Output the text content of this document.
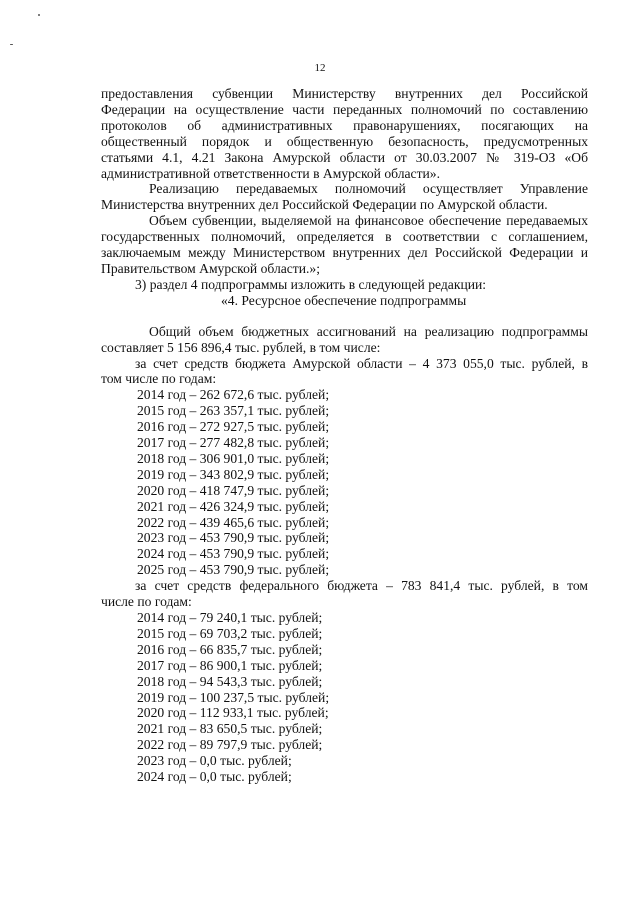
12

предоставления субвенции Министерству внутренних дел Российской

Федерации на осуществление части переданных полномочий по составлению

протоколов об административных правонарушениях, посягающих на

общественный порядок и общественную безопасность, предусмотренных

статьями 4.1, 4.21 Закона Амурской области от 30.03.2007 № 319-ОЗ «Об

административной ответственности в Амурской области».

Реализацию передаваемых полномочий осуществляет Управление

Министерства внутренних дел Российской Федерации по Амурской области.

Объем субвенции, выделяемой на финансовое обеспечение передаваемых

государственных полномочий, определяется в соответствии с соглашением,

заключаемым между Министерством внутренних дел Российской Федерации и

Правительством Амурской области.»;

3) раздел 4 подпрограммы изложить в следующей редакции:

«4. Ресурсное обеспечение подпрограммы

Общий объем бюджетных ассигнований на реализацию подпрограммы

составляет 5 156 896,4 тыс. рублей, в том числе:

за счет средств бюджета Амурской области – 4 373 055,0 тыс. рублей, в

том числе по годам:

2014 год – 262 672,6 тыс. рублей;

2015 год – 263 357,1 тыс. рублей;

2016 год – 272 927,5 тыс. рублей;

2017 год – 277 482,8 тыс. рублей;

2018 год – 306 901,0 тыс. рублей;

2019 год – 343 802,9 тыс. рублей;

2020 год – 418 747,9 тыс. рублей;

2021 год – 426 324,9 тыс. рублей;

2022 год – 439 465,6 тыс. рублей;

2023 год – 453 790,9 тыс. рублей;

2024 год – 453 790,9 тыс. рублей;

2025 год – 453 790,9 тыс. рублей;

за счет средств федерального бюджета – 783 841,4 тыс. рублей, в том

числе по годам:

2014 год – 79 240,1 тыс. рублей;

2015 год – 69 703,2 тыс. рублей;

2016 год – 66 835,7 тыс. рублей;

2017 год – 86 900,1 тыс. рублей;

2018 год – 94 543,3 тыс. рублей;

2019 год – 100 237,5 тыс. рублей;

2020 год – 112 933,1 тыс. рублей;

2021 год – 83 650,5 тыс. рублей;

2022 год – 89 797,9 тыс. рублей;

2023 год – 0,0 тыс. рублей;

2024 год – 0,0 тыс. рублей;
